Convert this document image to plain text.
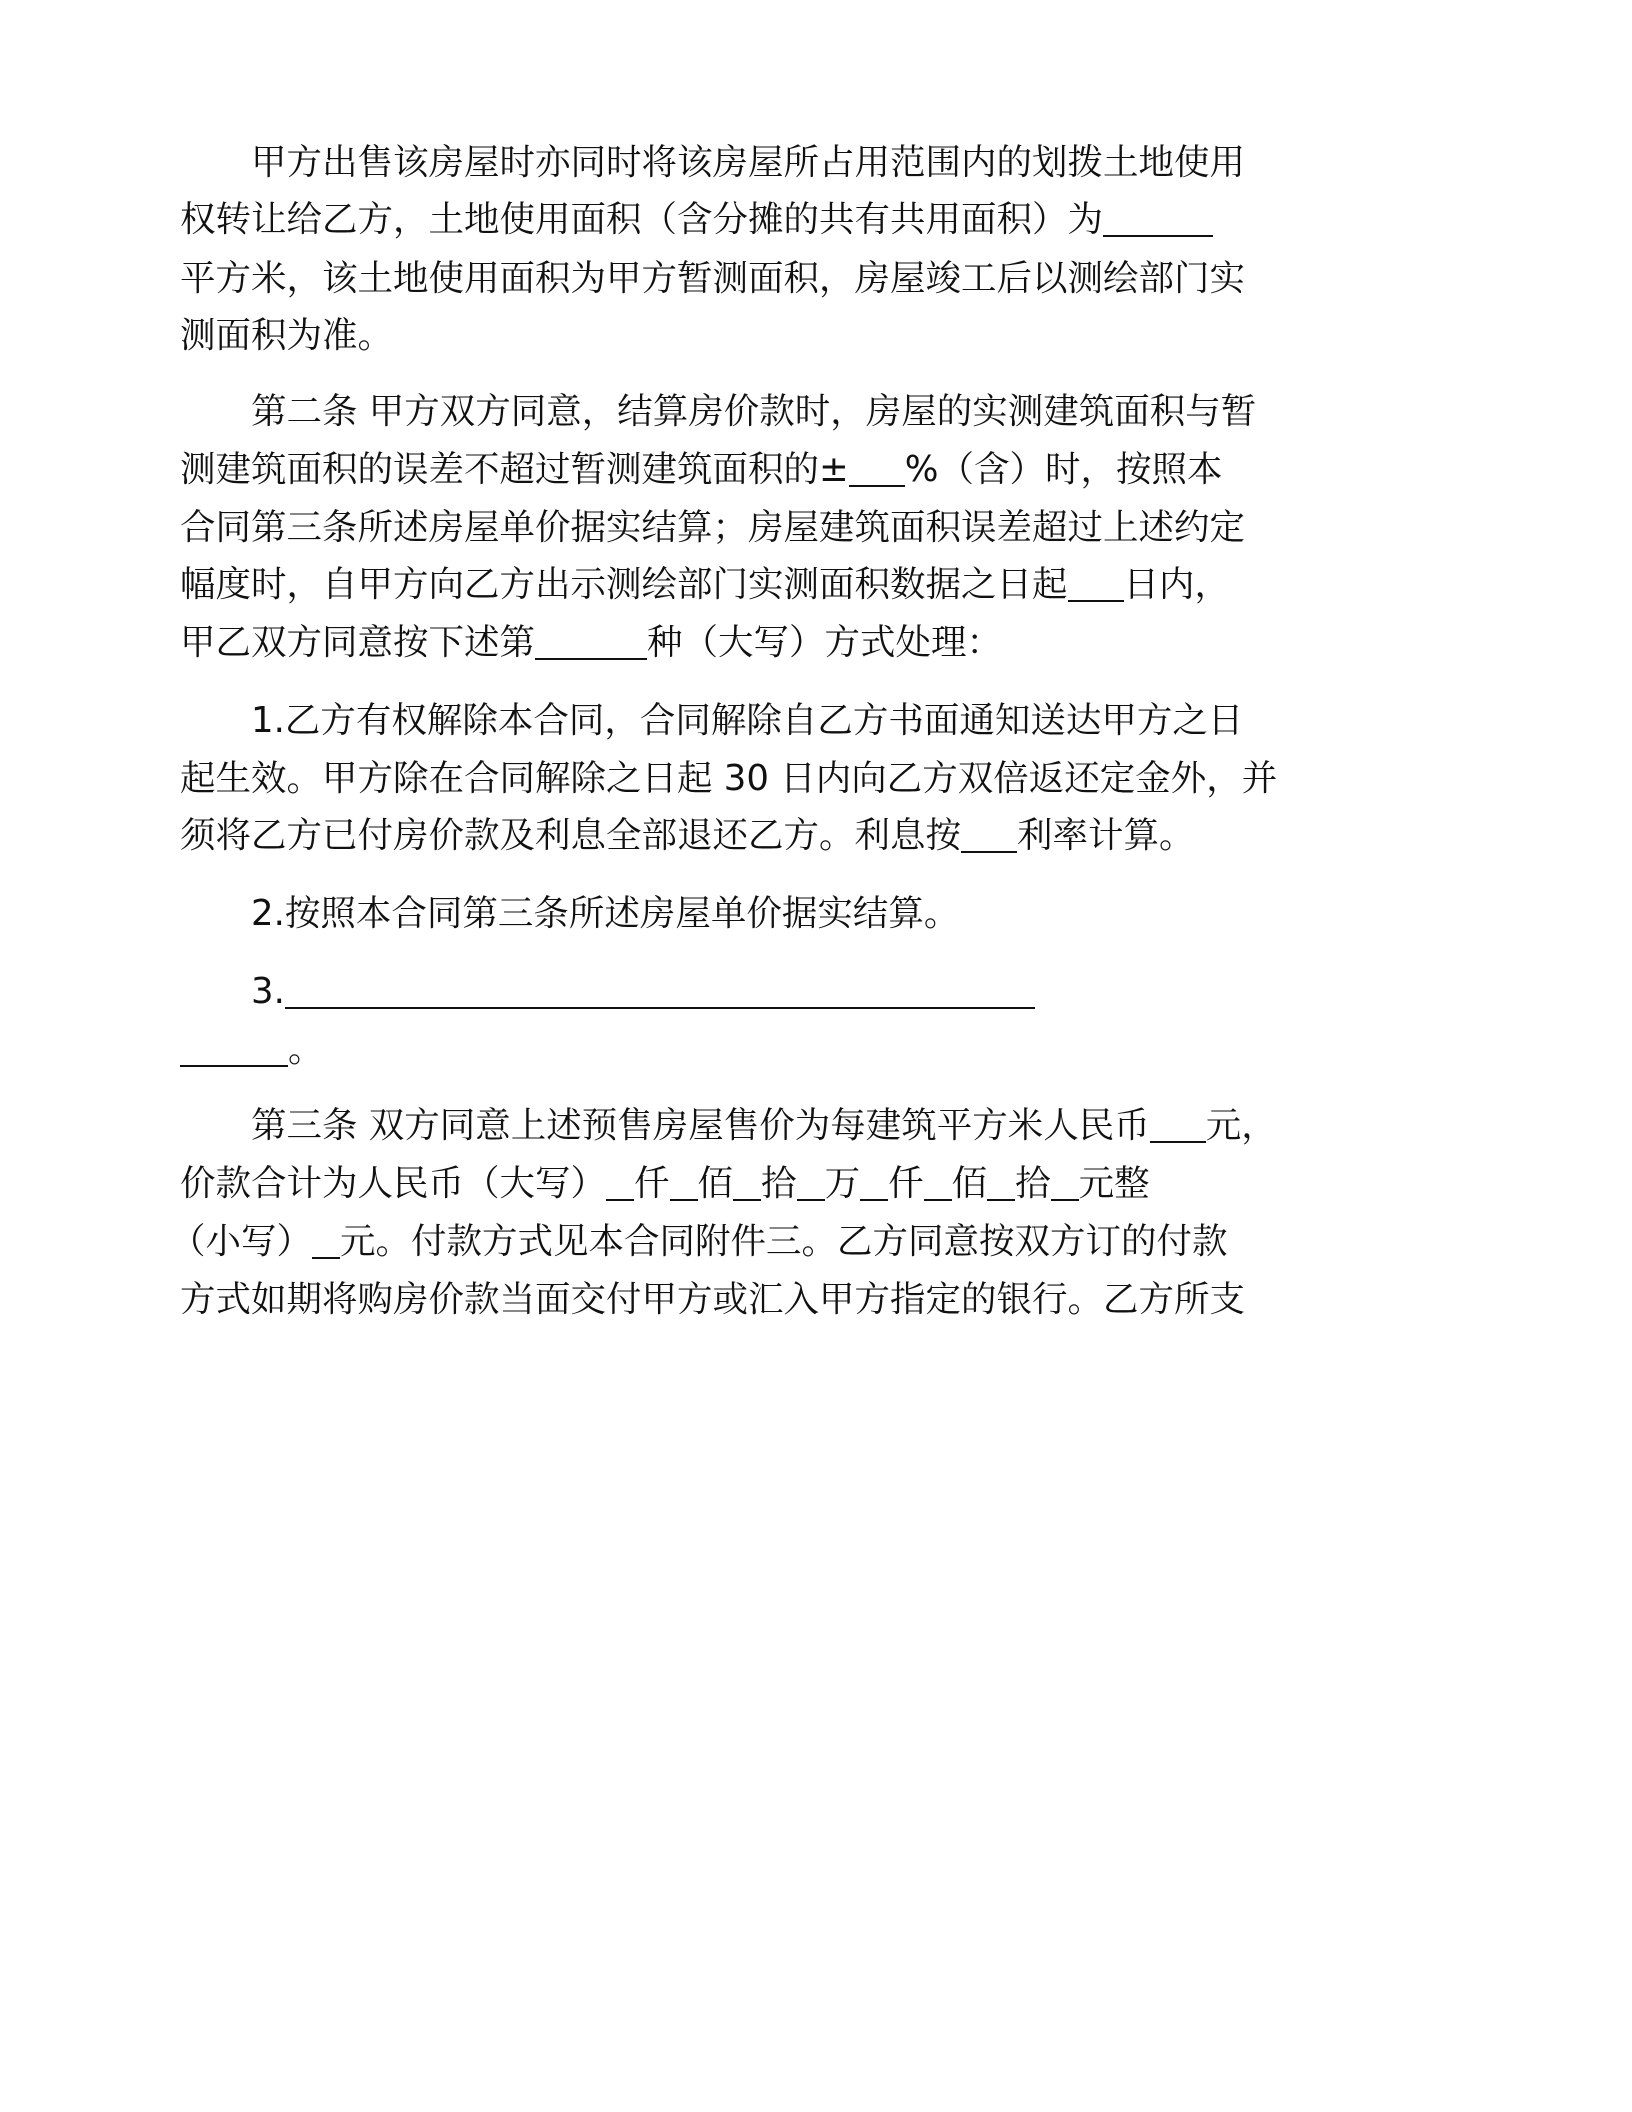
甲方出售该房屋时亦同时将该房屋所占用范围内的划拨土地使用
权转让给乙方，土地使用面积（含分摊的共有共用面积）为
平方米，该土地使用面积为甲方暂测面积，房屋竣工后以测绘部门实
测面积为准。
第二条 甲方双方同意，结算房价款时，房屋的实测建筑面积与暂
测建筑面积的误差不超过暂测建筑面积的± %（含）时，按照本
合同第三条所述房屋单价据实结算；房屋建筑面积误差超过上述约定
幅度时，自甲方向乙方出示测绘部门实测面积数据之日起 日内，
甲乙双方同意按下述第	种（大写）方式处理：
1.乙方有权解除本合同，合同解除自乙方书面通知送达甲方之日
起生效。甲方除在合同解除之日起 30 日内向乙方双倍返还定金外，并
须将乙方已付房价款及利息全部退还乙方。利息按 利率计算。
2.按照本合同第三条所述房屋单价据实结算。
3.
。
第三条 双方同意上述预售房屋售价为每建筑平方米人民币 元，
价款合计为人民币（大写） 仟 佰 拾 万 仟 佰 拾 元整
（小写） 元。付款方式见本合同附件三。乙方同意按双方订的付款
方式如期将购房价款当面交付甲方或汇入甲方指定的银行。乙方所支
